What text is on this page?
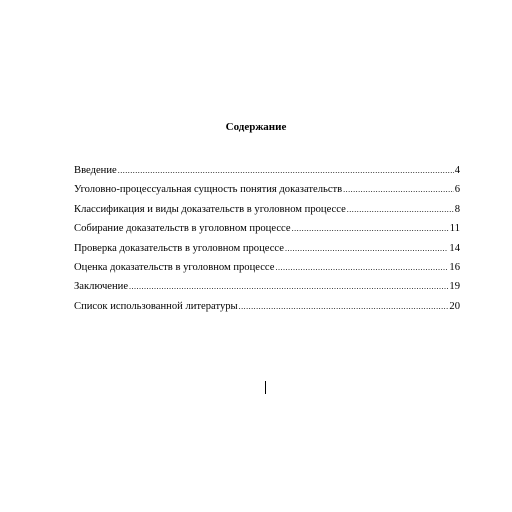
Содержание
Введение .....	4
Уголовно-процессуальная сущность понятия доказательств .....	6
Классификация и виды доказательств в уголовном процессе .....	8
Собирание доказательств в уголовном процессе .....	11
Проверка доказательств в уголовном процессе .....	14
Оценка доказательств в уголовном процессе .....	16
Заключение .....	19
Список использованной литературы .....	20
